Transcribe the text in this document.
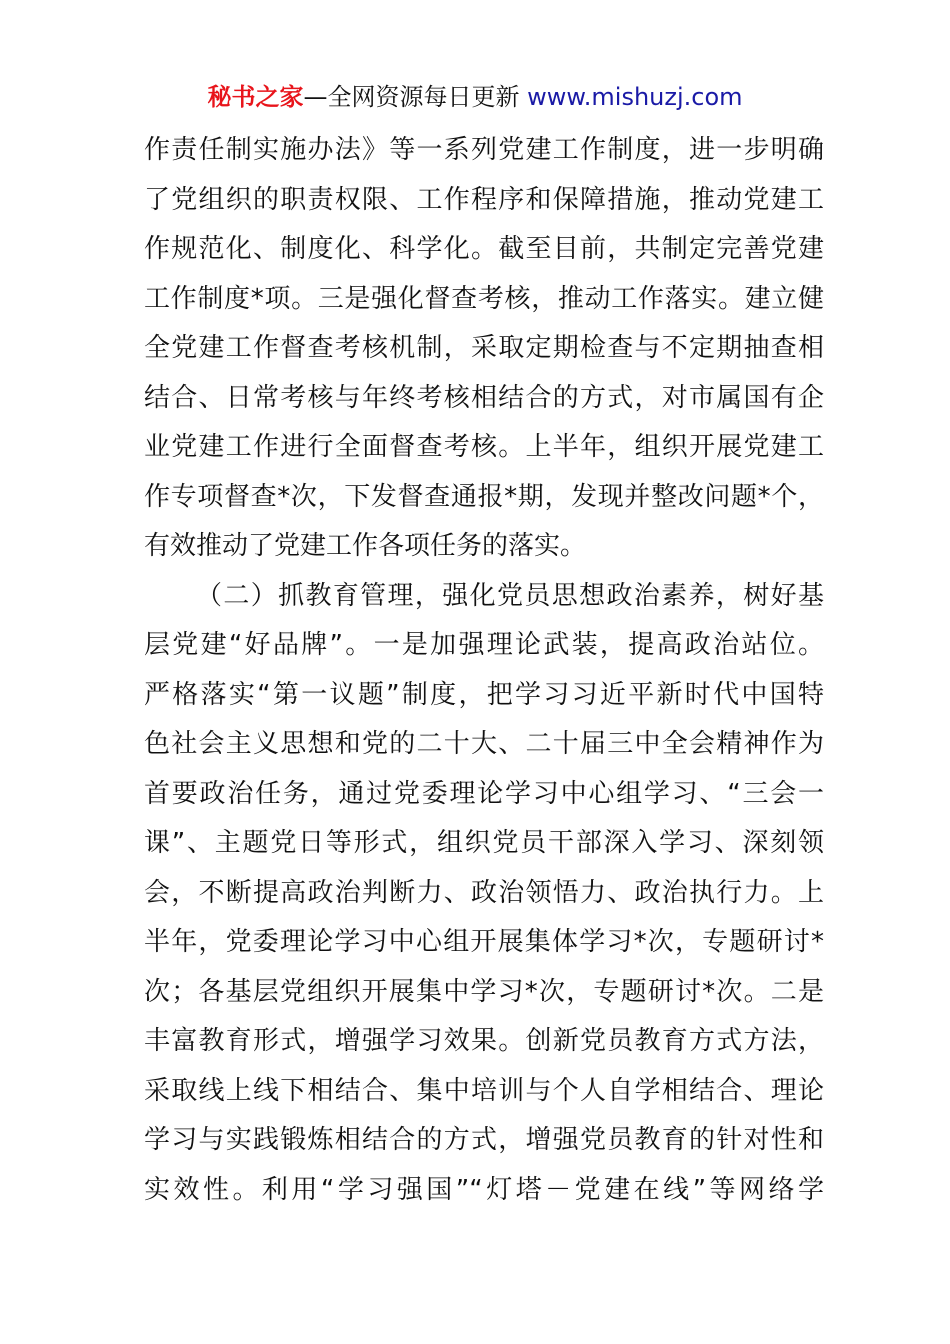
秘书之家—全网资源每日更新 www.mishuzj.com
作责任制实施办法》等一系列党建工作制度，进一步明确
了党组织的职责权限、工作程序和保障措施，推动党建工
作规范化、制度化、科学化。截至目前，共制定完善党建
工作制度*项。三是强化督查考核，推动工作落实。建立健
全党建工作督查考核机制，采取定期检查与不定期抽查相
结合、日常考核与年终考核相结合的方式，对市属国有企
业党建工作进行全面督查考核。上半年，组织开展党建工
作专项督查*次，下发督查通报*期，发现并整改问题*个，
有效推动了党建工作各项任务的落实。
（二）抓教育管理，强化党员思想政治素养，树好基
层党建“好品牌”。一是加强理论武装，提高政治站位。
严格落实“第一议题”制度，把学习习近平新时代中国特
色社会主义思想和党的二十大、二十届三中全会精神作为
首要政治任务，通过党委理论学习中心组学习、“三会一
课”、主题党日等形式，组织党员干部深入学习、深刻领
会，不断提高政治判断力、政治领悟力、政治执行力。上
半年，党委理论学习中心组开展集体学习*次，专题研讨*
次；各基层党组织开展集中学习*次，专题研讨*次。二是
丰富教育形式，增强学习效果。创新党员教育方式方法，
采取线上线下相结合、集中培训与个人自学相结合、理论
学习与实践锻炼相结合的方式，增强党员教育的针对性和
实效性。利用“学习强国”“灯塔－党建在线”等网络学
